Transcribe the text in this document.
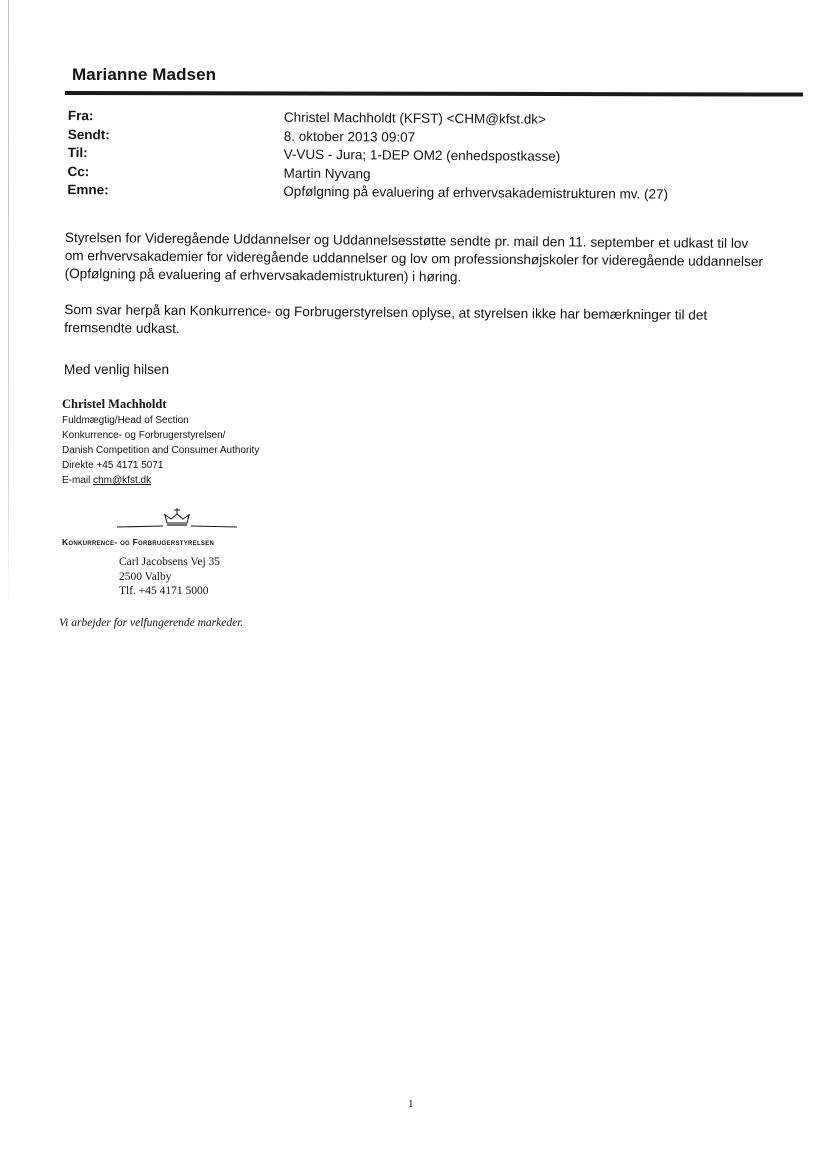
Marianne Madsen
Fra:	Christel Machholdt (KFST) <CHM@kfst.dk>
Sendt:	8. oktober 2013 09:07
Til:	V-VUS - Jura; 1-DEP OM2 (enhedspostkasse)
Cc:	Martin Nyvang
Emne:	Opfølgning på evaluering af erhvervsakademistrukturen mv. (27)

Styrelsen for Videregående Uddannelser og Uddannelsesstøtte sendte pr. mail den 11. september et udkast til lov
om erhvervsakademier for videregående uddannelser og lov om professionshøjskoler for videregående uddannelser
(Opfølgning på evaluering af erhvervsakademistrukturen) i høring.

Som svar herpå kan Konkurrence- og Forbrugerstyrelsen oplyse, at styrelsen ikke har bemærkninger til det
fremsendte udkast.

Med venlig hilsen
Christel Machholdt
Fuldmægtig/Head of Section
Konkurrence- og Forbrugerstyrelsen/
Danish Competition and Consumer Authority
Direkte +45 4171 5071
E-mail chm@kfst.dk
Konkurrence- og Forbrugerstyrelsen
Carl Jacobsens Vej 35
2500 Valby
Tlf. +45 4171 5000
Vi arbejder for velfungerende markeder.
1
